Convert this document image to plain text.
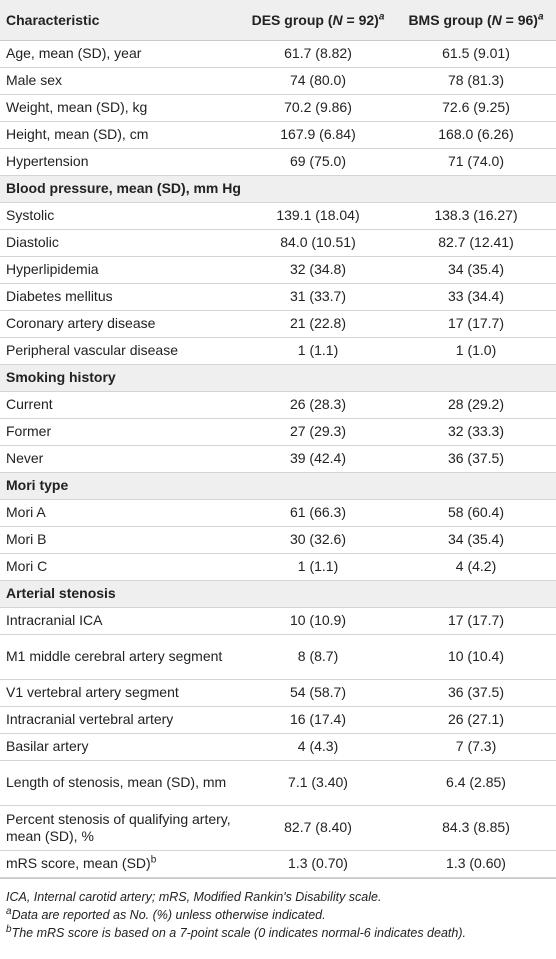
Characteristic	DES group (N = 92)$^a$	BMS group (N = 96)$^a$
Age, mean (SD), year	61.7 (8.82)	61.5 (9.01)
Male sex	74 (80.0)	78 (81.3)
Weight, mean (SD), kg	70.2 (9.86)	72.6 (9.25)
Height, mean (SD), cm	167.9 (6.84)	168.0 (6.26)
Hypertension	69 (75.0)	71 (74.0)
Blood pressure, mean (SD), mm Hg		
Systolic	139.1 (18.04)	138.3 (16.27)
Diastolic	84.0 (10.51)	82.7 (12.41)
Hyperlipidemia	32 (34.8)	34 (35.4)
Diabetes mellitus	31 (33.7)	33 (34.4)
Coronary artery disease	21 (22.8)	17 (17.7)
Peripheral vascular disease	1 (1.1)	1 (1.0)
Smoking history		
Current	26 (28.3)	28 (29.2)
Former	27 (29.3)	32 (33.3)
Never	39 (42.4)	36 (37.5)
Mori type		
Mori A	61 (66.3)	58 (60.4)
Mori B	30 (32.6)	34 (35.4)
Mori C	1 (1.1)	4 (4.2)
Arterial stenosis		
Intracranial ICA	10 (10.9)	17 (17.7)
M1 middle cerebral artery segment	8 (8.7)	10 (10.4)
V1 vertebral artery segment	54 (58.7)	36 (37.5)
Intracranial vertebral artery	16 (17.4)	26 (27.1)
Basilar artery	4 (4.3)	7 (7.3)
Length of stenosis, mean (SD), mm	7.1 (3.40)	6.4 (2.85)
Percent stenosis of qualifying artery, mean (SD), %	82.7 (8.40)	84.3 (8.85)
mRS score, mean (SD)$^b$	1.3 (0.70)	1.3 (0.60)
ICA, Internal carotid artery; mRS, Modified Rankin's Disability scale.
$^a$Data are reported as No. (%) unless otherwise indicated.
$^b$The mRS score is based on a 7-point scale (0 indicates normal-6 indicates death).
